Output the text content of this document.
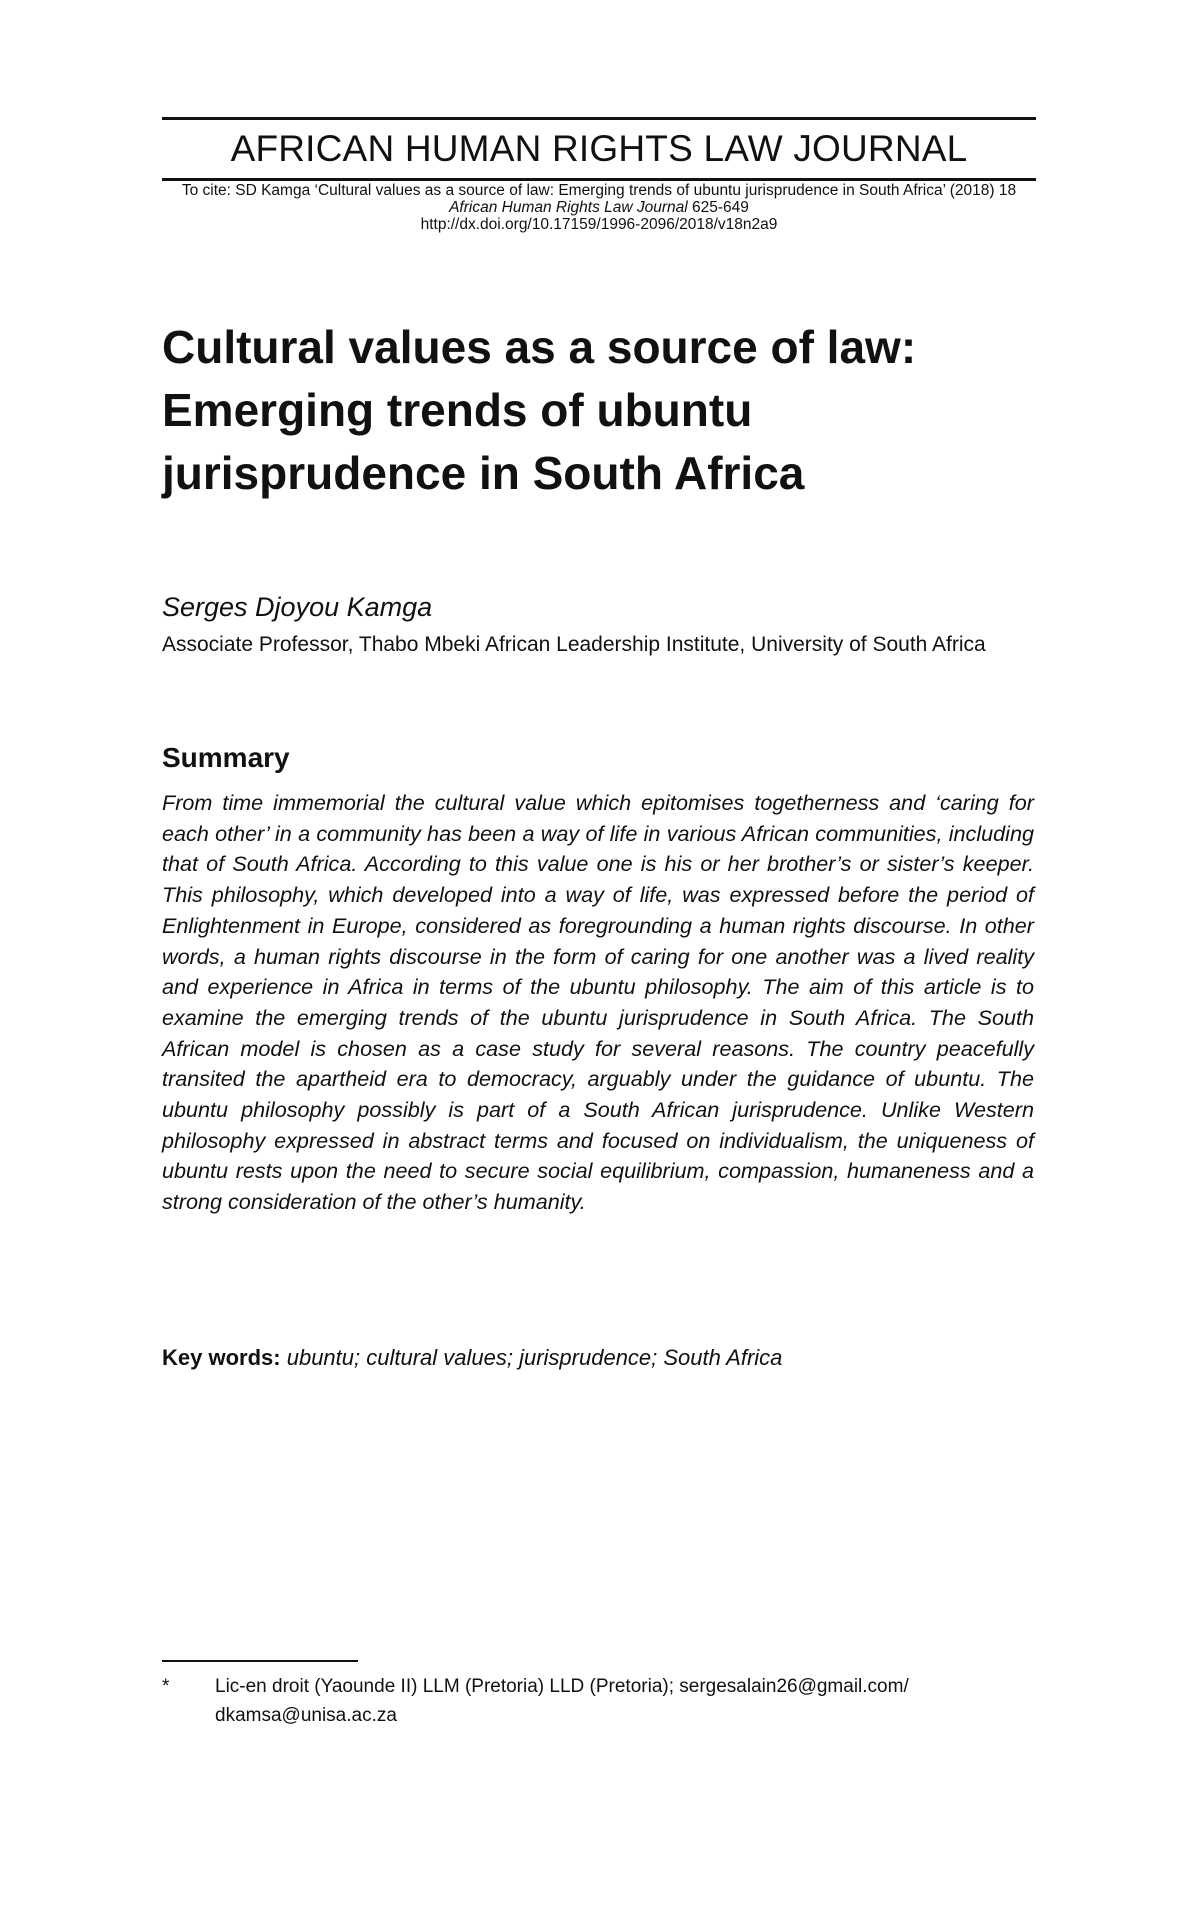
AFRICAN HUMAN RIGHTS LAW JOURNAL
To cite: SD Kamga ‘Cultural values as a source of law: Emerging trends of ubuntu jurisprudence in South Africa’ (2018) 18 African Human Rights Law Journal 625-649
http://dx.doi.org/10.17159/1996-2096/2018/v18n2a9
Cultural values as a source of law: Emerging trends of ubuntu jurisprudence in South Africa
Serges Djoyou Kamga
Associate Professor, Thabo Mbeki African Leadership Institute, University of South Africa
Summary

From time immemorial the cultural value which epitomises togetherness and ‘caring for each other’ in a community has been a way of life in various African communities, including that of South Africa. According to this value one is his or her brother’s or sister’s keeper. This philosophy, which developed into a way of life, was expressed before the period of Enlightenment in Europe, considered as foregrounding a human rights discourse. In other words, a human rights discourse in the form of caring for one another was a lived reality and experience in Africa in terms of the ubuntu philosophy. The aim of this article is to examine the emerging trends of the ubuntu jurisprudence in South Africa. The South African model is chosen as a case study for several reasons. The country peacefully transited the apartheid era to democracy, arguably under the guidance of ubuntu. The ubuntu philosophy possibly is part of a South African jurisprudence. Unlike Western philosophy expressed in abstract terms and focused on individualism, the uniqueness of ubuntu rests upon the need to secure social equilibrium, compassion, humaneness and a strong consideration of the other’s humanity.

Key words: ubuntu; cultural values; jurisprudence; South Africa
* Lic-en droit (Yaounde II) LLM (Pretoria) LLD (Pretoria); sergesalain26@gmail.com/ dkamsa@unisa.ac.za
